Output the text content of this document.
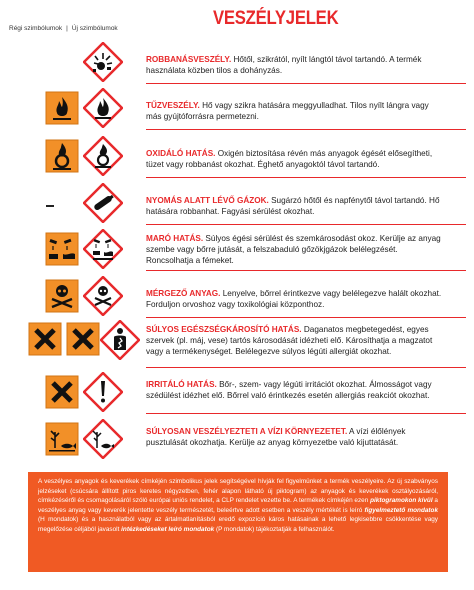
VESZÉLYJELEK
Régi szimbólumok | Új szimbólumok
ROBBANÁSVESZÉLY. Hőtől, szikrától, nyílt lángtól távol tartandó. A termék használata közben tilos a dohányzás.
TŰZVESZÉLY. Hő vagy szikra hatására meggyulladhat. Tilos nyílt lángra vagy más gyújtóforrásra permetezni.
OXIDÁLÓ HATÁS. Oxigén biztosítása révén más anyagok égését elősegítheti, tüzet vagy robbanást okozhat. Éghető anyagoktól távol tartandó.
NYOMÁS ALATT LÉVŐ GÁZOK. Sugárzó hőtől és napfénytől távol tartandó. Hő hatására robbanhat. Fagyási sérülést okozhat.
MARÓ HATÁS. Súlyos égési sérülést és szemkárosodást okoz. Kerülje az anyag szembe vagy bőrre jutását, a felszabaduló gőzökjgázok belélegzését. Roncsolhatja a fémeket.
MÉRGEZŐ ANYAG. Lenyelve, bőrrel érintkezve vagy belélegezve halált okozhat. Forduljon orvoshoz vagy toxikológiai központhoz.
SÚLYOS EGÉSZSÉGKÁROSÍTÓ HATÁS. Daganatos megbetegedést, egyes szervek (pl. máj, vese) tartós károsodását idézheti elő. Károsíthatja a magzatot vagy a termékenységet. Belélegezve súlyos légúti allergiát okozhat.
IRRITÁLÓ HATÁS. Bőr-, szem- vagy légúti irritációt okozhat. Álmosságot vagy szédülést idézhet elő. Bőrrel való érintkezés esetén allergiás reakciót okozhat.
SÚLYOSAN VESZÉLYEZTETI A VÍZI KÖRNYEZETET. A vízi élőlények pusztulását okozhatja. Kerülje az anyag környezetbe való kijuttatását.
A veszélyes anyagok és keverékek címkéjén szimbolikus jelek segítségével hívják fel figyelmünket a termék veszélyeire. Az új szabványos jelzéseket (csúcsára állított piros keretes négyzetben, fehér alapon látható új piktogram) az anyagok és keverékek osztályozásáról, címkézéséről és csomagolásáról szóló európai uniós rendelet, a CLP rendelet vezette be. A termékek címkéjén ezen piktogramokon kívül a veszélyes anyag vagy keverék jelentette veszély természetét, beleértve adott esetben a veszély mértékét is leíró figyelmeztető mondatok (H mondatok) és a használatból vagy az ártalmatlanításból eredő expozíció káros hatásainak a lehető legkisebbre csökkentése vagy megelőzése céljából javasolt intézkedéseket leíró mondatok (P mondatok) tájékoztatják a felhasználót.
